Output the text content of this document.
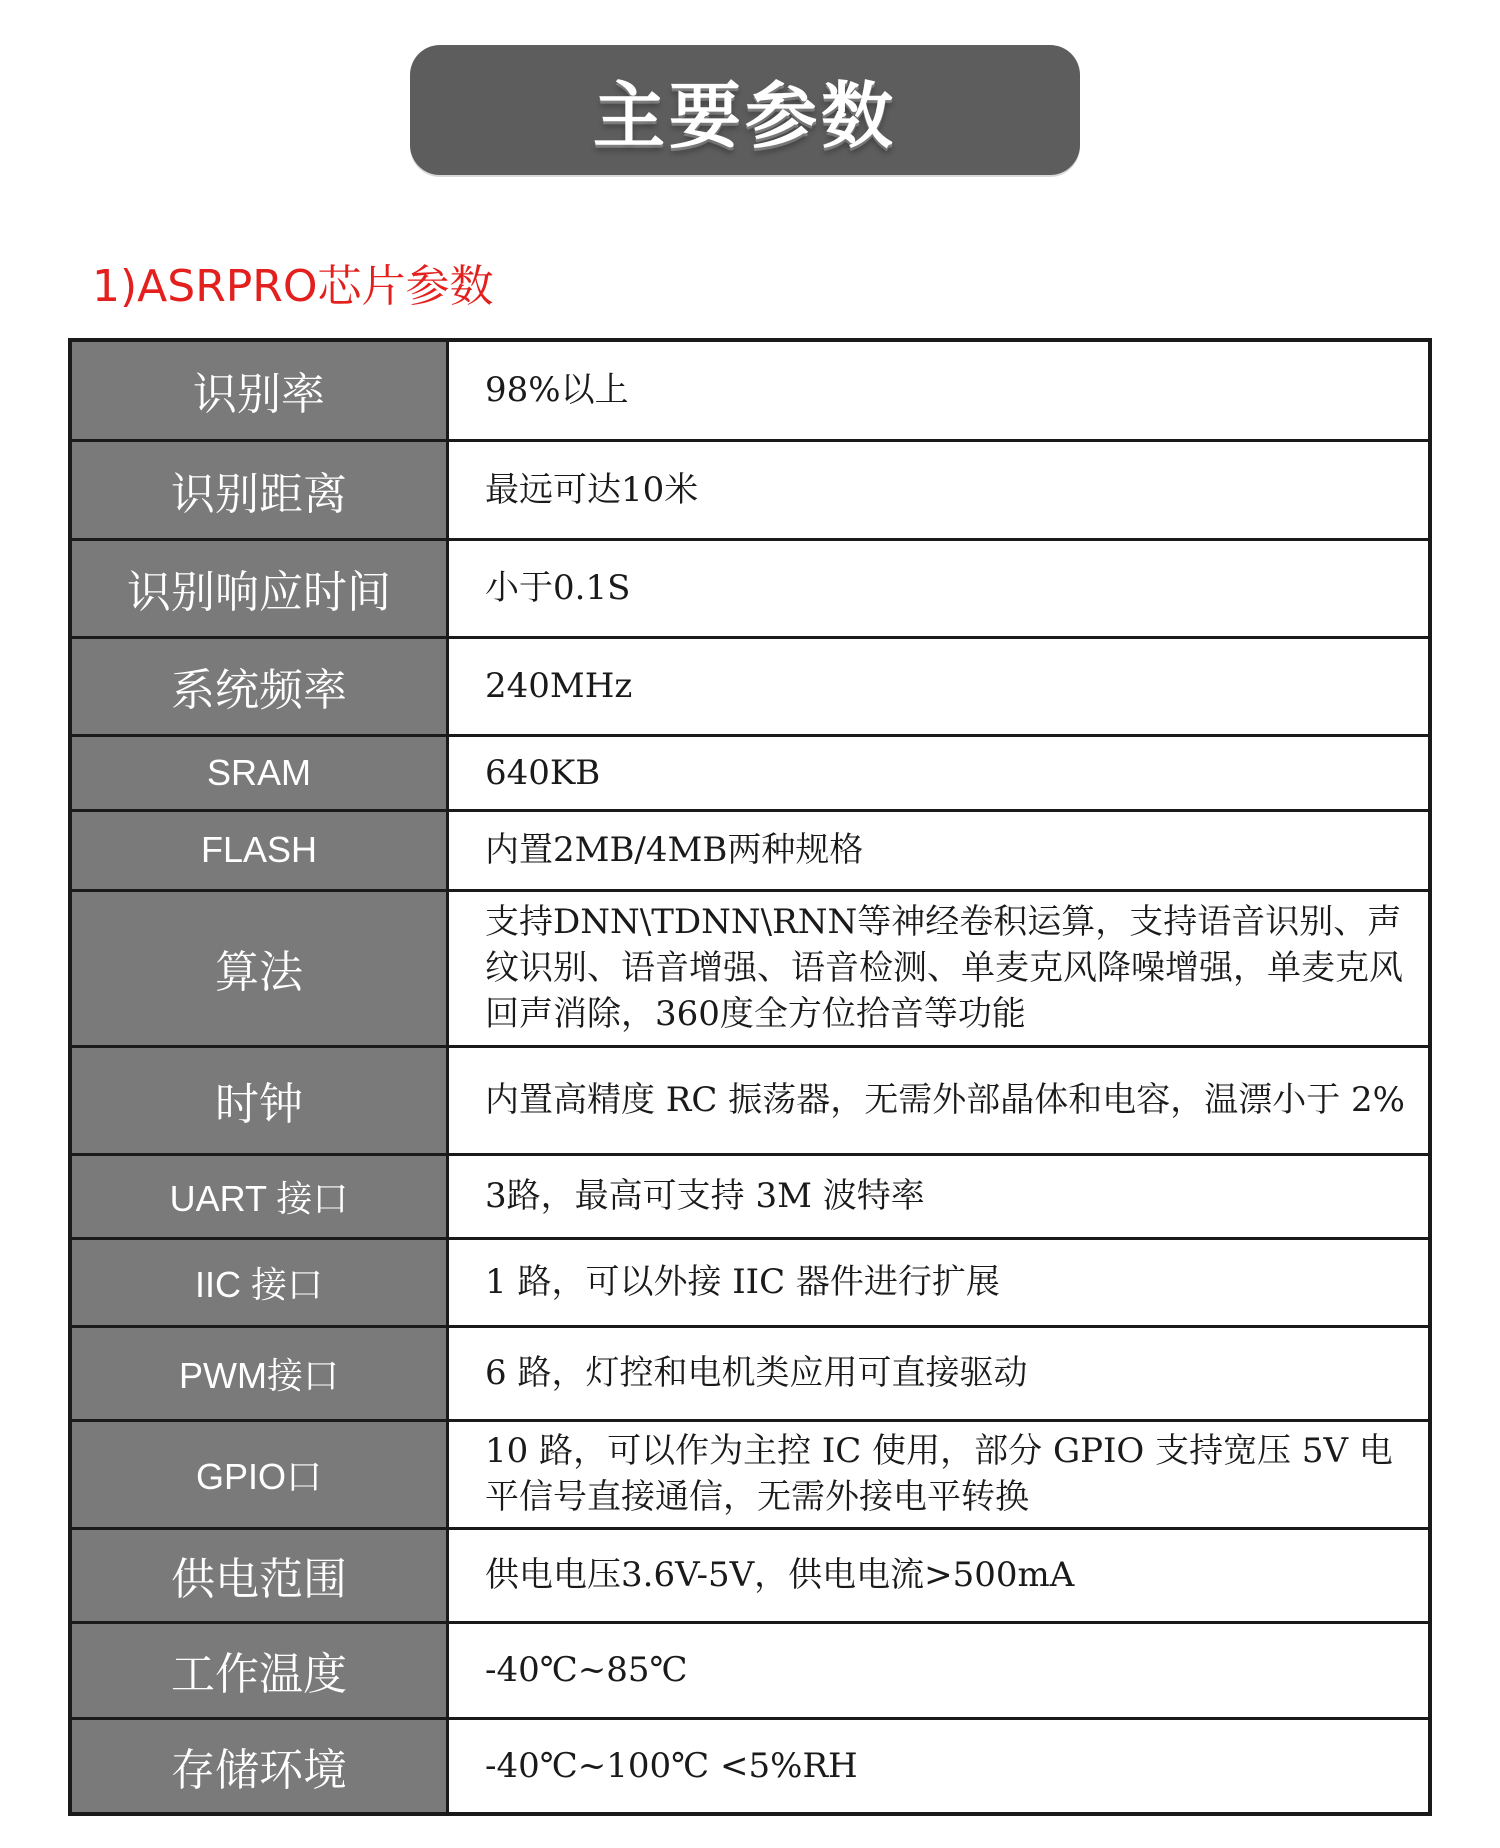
主要参数
1)ASRPRO芯片参数
识别率	98%以上
识别距离	最远可达10米
识别响应时间	小于0.1S
系统频率	240MHz
SRAM	640KB
FLASH	内置2MB/4MB两种规格
算法	支持DNN\TDNN\RNN等神经卷积运算，支持语音识别、声纹识别、语音增强、语音检测、单麦克风降噪增强，单麦克风回声消除，360度全方位拾音等功能
时钟	内置高精度 RC 振荡器，无需外部晶体和电容，温漂小于 2%
UART 接口	3路，最高可支持 3M 波特率
IIC 接口	1 路，可以外接 IIC 器件进行扩展
PWM接口	6 路，灯控和电机类应用可直接驱动
GPIO口	10 路，可以作为主控 IC 使用，部分 GPIO 支持宽压 5V 电平信号直接通信，无需外接电平转换
供电范围	供电电压3.6V-5V，供电电流>500mA
工作温度	-40℃~85℃
存储环境	-40℃~100℃ <5%RH
